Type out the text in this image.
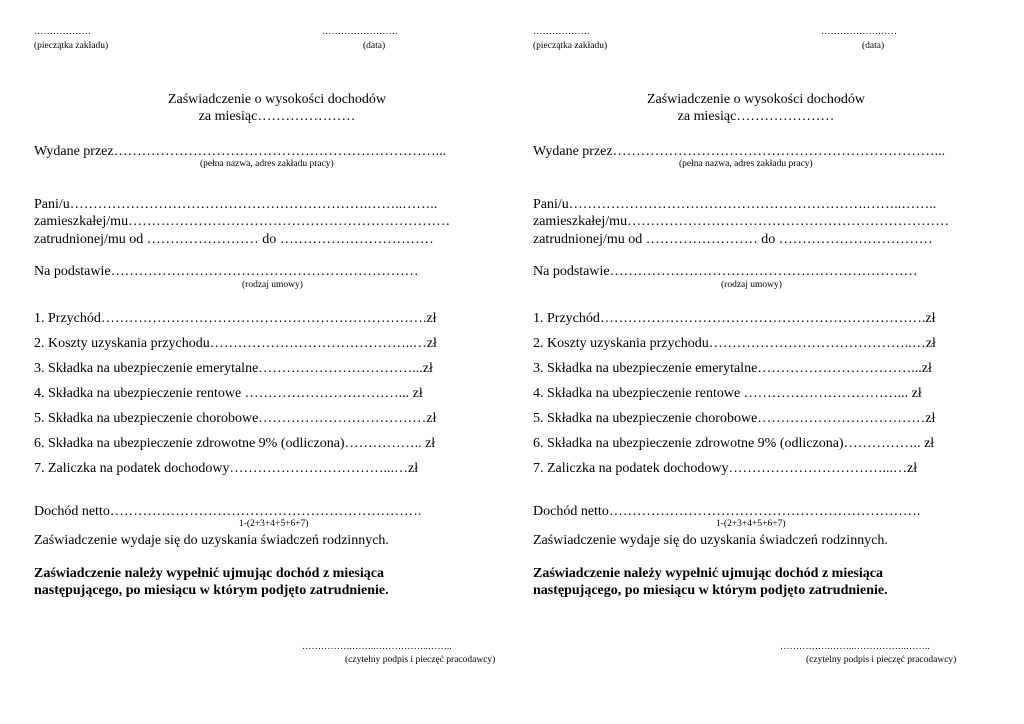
………………
(pieczątka zakładu)
……………………
(data)
Zaświadczenie o wysokości dochodów
za miesiąc…………………
Wydane przez……………………………………………………………...
(pełna nazwa, adres zakładu pracy)
Pani/u……………………………………………………….……..……..
zamieszkałej/mu……………………………………………………………
zatrudnionej/mu od …………………… do ……………………………
Na podstawie…………………………………………………………
(rodzaj umowy)
1. Przychód…………………………………………………………….zł
2. Koszty uzyskania przychodu……………………………………..…zł
3. Składka na ubezpieczenie emerytalne……………………………...zł
4. Składka na ubezpieczenie rentowe ……………………………... zł
5. Składka na ubezpieczenie chorobowe………………………………zł
6. Składka na ubezpieczenie zdrowotne 9% (odliczona)…………….. zł
7. Zaliczka na podatek dochodowy……………………………...…zł
Dochód netto………………………………………………………….
1-(2+3+4+5+6+7)
Zaświadczenie wydaje się do uzyskania świadczeń rodzinnych.
Zaświadczenie należy wypełnić ujmując dochód z miesiąca
następującego, po miesiącu w którym podjęto zatrudnienie.
…………….……..……………..……..
(czytelny podpis i pieczęć pracodawcy)
………………
(pieczątka zakładu)
……………………
(data)
Zaświadczenie o wysokości dochodów
za miesiąc…………………
Wydane przez……………………………………………………………...
(pełna nazwa, adres zakładu pracy)
Pani/u……………………………………………………….……..……..
zamieszkałej/mu……………………………………………………………
zatrudnionej/mu od …………………… do ……………………………
Na podstawie…………………………………………………………
(rodzaj umowy)
1. Przychód…………………………………………………………….zł
2. Koszty uzyskania przychodu……………………………………..…zł
3. Składka na ubezpieczenie emerytalne……………………………...zł
4. Składka na ubezpieczenie rentowe ……………………………... zł
5. Składka na ubezpieczenie chorobowe………………………………zł
6. Składka na ubezpieczenie zdrowotne 9% (odliczona)…………….. zł
7. Zaliczka na podatek dochodowy……………………………...…zł
Dochód netto………………………………………………………….
1-(2+3+4+5+6+7)
Zaświadczenie wydaje się do uzyskania świadczeń rodzinnych.
Zaświadczenie należy wypełnić ujmując dochód z miesiąca
następującego, po miesiącu w którym podjęto zatrudnienie.
…………….……..……………..……..
(czytelny podpis i pieczęć pracodawcy)
